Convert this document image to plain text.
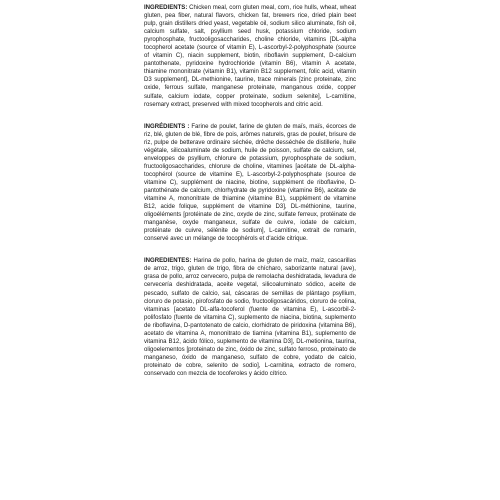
INGREDIENTS: Chicken meal, corn gluten meal, corn, rice hulls, wheat, wheat gluten, pea fiber, natural flavors, chicken fat, brewers rice, dried plain beet pulp, grain distillers dried yeast, vegetable oil, sodium silico aluminate, fish oil, calcium sulfate, salt, psyllium seed husk, potassium chloride, sodium pyrophosphate, fructooligosaccharides, choline chloride, vitamins [DL-alpha tocopherol acetate (source of vitamin E), L-ascorbyl-2-polyphosphate (source of vitamin C), niacin supplement, biotin, riboflavin supplement, D-calcium pantothenate, pyridoxine hydrochloride (vitamin B6), vitamin A acetate, thiamine mononitrate (vitamin B1), vitamin B12 supplement, folic acid, vitamin D3 supplement], DL-methionine, taurine, trace minerals [zinc proteinate, zinc oxide, ferrous sulfate, manganese proteinate, manganous oxide, copper sulfate, calcium iodate, copper proteinate, sodium selenite], L-carnitine, rosemary extract, preserved with mixed tocopherols and citric acid.

INGRÉDIENTS : Farine de poulet, farine de gluten de maïs, maïs, écorces de riz, blé, gluten de blé, fibre de pois, arômes naturels, gras de poulet, brisure de riz, pulpe de betterave ordinaire séchée, drêche desséchée de distillerie, huile végétale, silicoaluminate de sodium, huile de poisson, sulfate de calcium, sel, enveloppes de psyllium, chlorure de potassium, pyrophosphate de sodium, fructooligosaccharides, chlorure de choline, vitamines [acétate de DL-alpha-tocophérol (source de vitamine E), L-ascorbyl-2-polyphosphate (source de vitamine C), supplément de niacine, biotine, supplément de riboflavine, D-pantothénate de calcium, chlorhydrate de pyridoxine (vitamine B6), acétate de vitamine A, mononitrate de thiamine (vitamine B1), supplément de vitamine B12, acide folique, supplément de vitamine D3], DL-méthionine, taurine, oligoéléments [protéinate de zinc, oxyde de zinc, sulfate ferreux, protéinate de manganèse, oxyde manganeux, sulfate de cuivre, iodate de calcium, protéinate de cuivre, sélénite de sodium], L-carnitine, extrait de romarin, conservé avec un mélange de tocophérols et d'acide citrique.

INGREDIENTES: Harina de pollo, harina de gluten de maíz, maíz, cascarillas de arroz, trigo, gluten de trigo, fibra de chícharo, saborizante natural (ave), grasa de pollo, arroz cervecero, pulpa de remolacha deshidratada, levadura de cervecería deshidratada, aceite vegetal, silicoaluminato sódico, aceite de pescado, sulfato de calcio, sal, cáscaras de semillas de plántago psyllium, cloruro de potasio, pirofosfato de sodio, fructooligosacáridos, cloruro de colina, vitaminas [acetato DL-alfa-tocoferol (fuente de vitamina E), L-ascorbil-2-polifosfato (fuente de vitamina C), suplemento de niacina, biotina, suplemento de riboflavina, D-pantotenato de calcio, clorhidrato de piridoxina (vitamina B6), acetato de vitamina A, mononitrato de tiamina (vitamina B1), suplemento de vitamina B12, ácido fólico, suplemento de vitamina D3], DL-metionina, taurina, oligoelementos [proteinato de zinc, óxido de zinc, sulfato ferroso, proteinato de manganeso, óxido de manganeso, sulfato de cobre, yodato de calcio, proteinato de cobre, selenito de sodio], L-carnitina, extracto de romero, conservado con mezcla de tocoferoles y ácido cítrico.
